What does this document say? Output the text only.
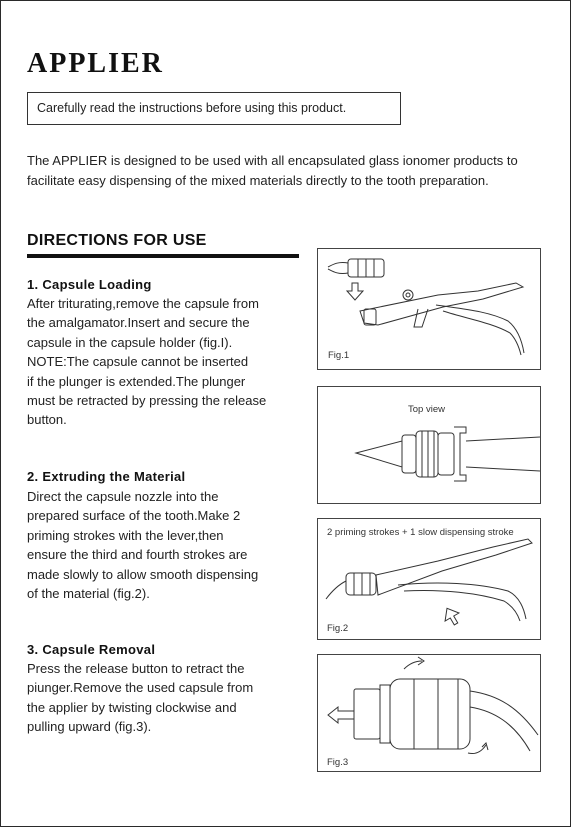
APPLIER
Carefully read the instructions before using this product.
The APPLIER is designed to be used with all encapsulated glass ionomer products to facilitate easy dispensing of the mixed materials directly to the tooth preparation.
DIRECTIONS FOR USE
1. Capsule Loading
After triturating,remove the capsule from
the amalgamator.Insert and secure the
capsule in the capsule holder (fig.I).
NOTE:The capsule cannot be inserted
if the plunger is extended.The plunger
must be retracted by pressing the release
button.
2. Extruding the Material
Direct the capsule nozzle into the
prepared surface of the tooth.Make 2
priming strokes with the lever,then
ensure the third and fourth strokes are
made slowly to allow smooth dispensing
of the material (fig.2).
3. Capsule Removal
Press the release button to retract the
piunger.Remove the used capsule from
the applier by twisting clockwise and
pulling upward (fig.3).
Fig.1
Top view
2 priming strokes + 1 slow dispensing stroke
Fig.2
Fig.3
